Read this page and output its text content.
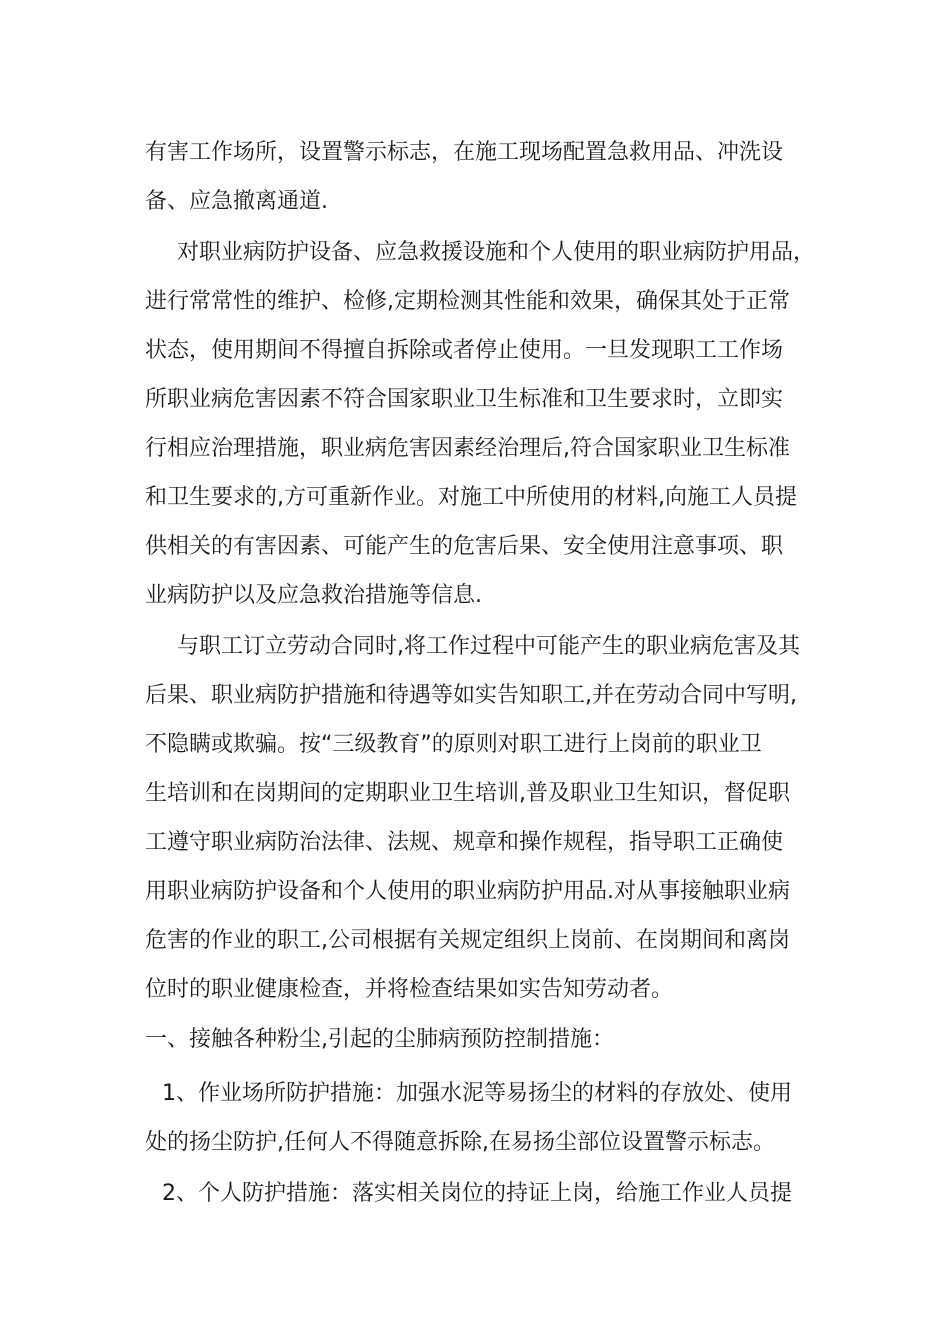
有害工作场所，设置警示标志，在施工现场配置急救用品、冲洗设
备、应急撤离通道.
对职业病防护设备、应急救援设施和个人使用的职业病防护用品，
进行常常性的维护、检修,定期检测其性能和效果，确保其处于正常
状态，使用期间不得擅自拆除或者停止使用。一旦发现职工工作场
所职业病危害因素不符合国家职业卫生标准和卫生要求时，立即实
行相应治理措施，职业病危害因素经治理后,符合国家职业卫生标准
和卫生要求的,方可重新作业。对施工中所使用的材料,向施工人员提
供相关的有害因素、可能产生的危害后果、安全使用注意事项、职
业病防护以及应急救治措施等信息.
与职工订立劳动合同时,将工作过程中可能产生的职业病危害及其
后果、职业病防护措施和待遇等如实告知职工,并在劳动合同中写明,
不隐瞒或欺骗。按“三级教育”的原则对职工进行上岗前的职业卫
生培训和在岗期间的定期职业卫生培训,普及职业卫生知识，督促职
工遵守职业病防治法律、法规、规章和操作规程，指导职工正确使
用职业病防护设备和个人使用的职业病防护用品.对从事接触职业病
危害的作业的职工,公司根据有关规定组织上岗前、在岗期间和离岗
位时的职业健康检查，并将检查结果如实告知劳动者。
一、接触各种粉尘,引起的尘肺病预防控制措施：
1、作业场所防护措施：加强水泥等易扬尘的材料的存放处、使用
处的扬尘防护,任何人不得随意拆除,在易扬尘部位设置警示标志。
2、个人防护措施：落实相关岗位的持证上岗，给施工作业人员提
